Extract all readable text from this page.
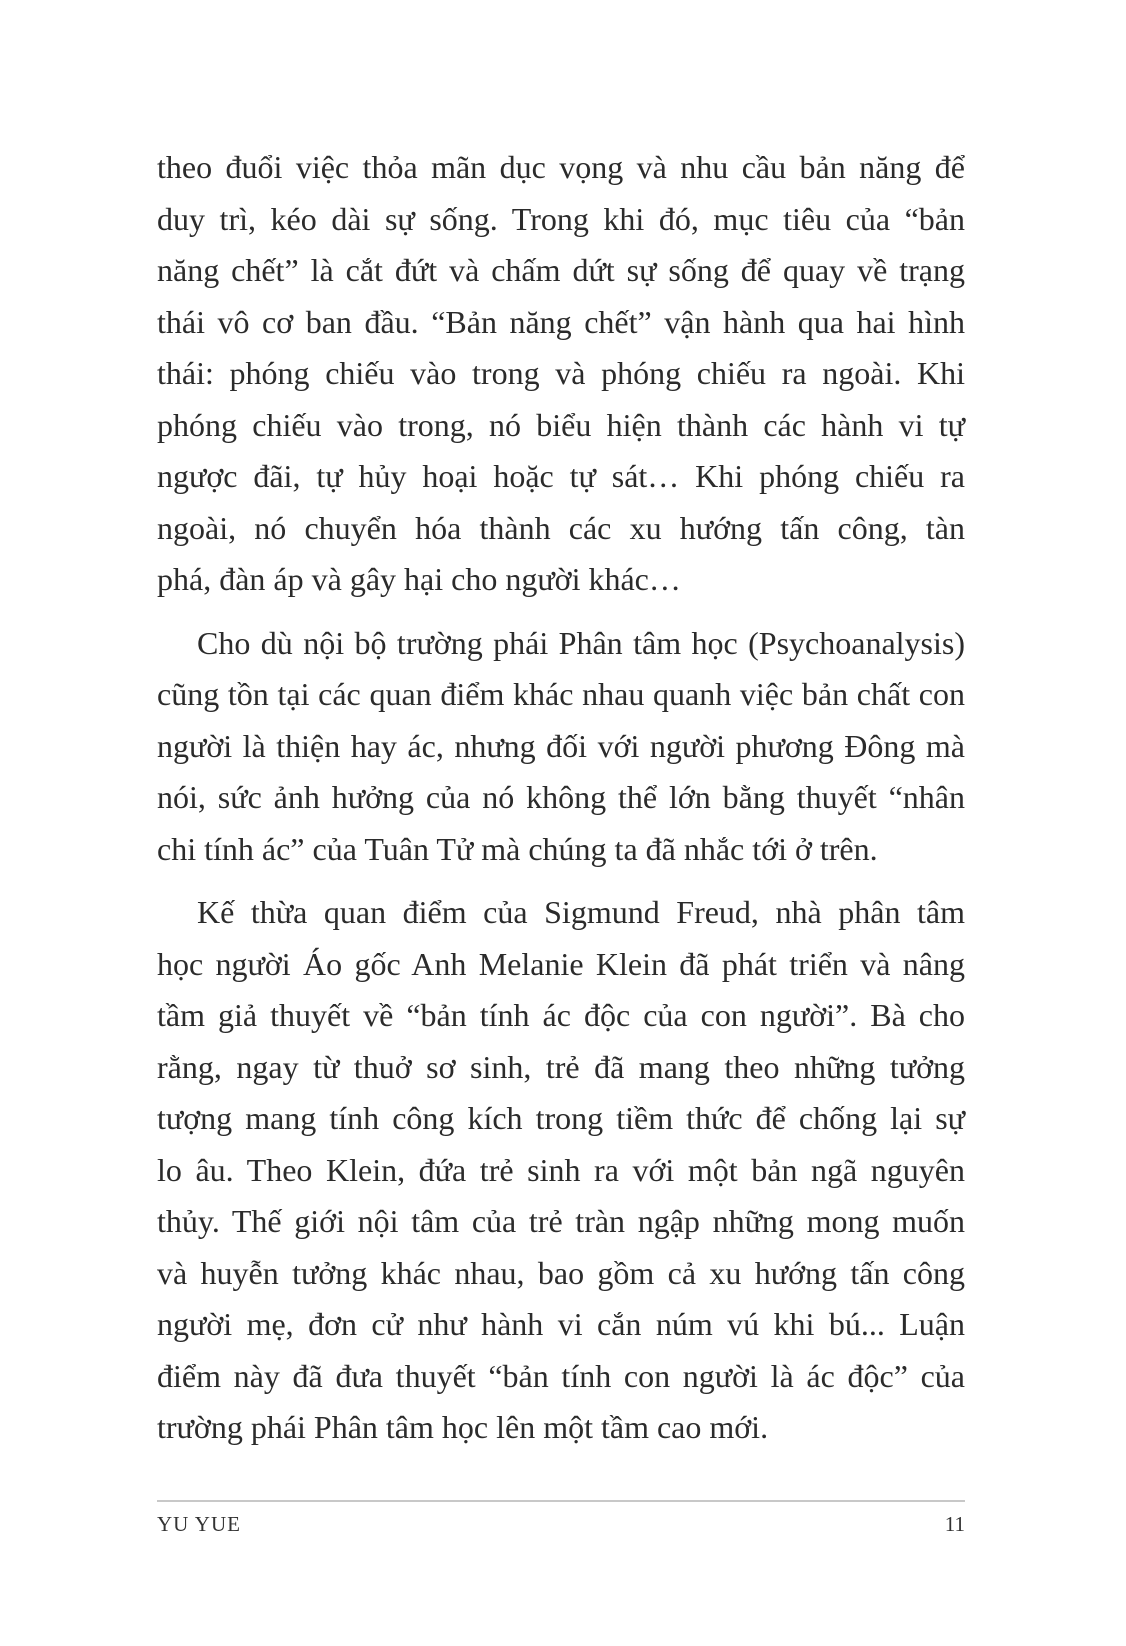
theo đuổi việc thỏa mãn dục vọng và nhu cầu bản năng để
duy trì, kéo dài sự sống. Trong khi đó, mục tiêu của “bản
năng chết” là cắt đứt và chấm dứt sự sống để quay về trạng
thái vô cơ ban đầu. “Bản năng chết” vận hành qua hai hình
thái: phóng chiếu vào trong và phóng chiếu ra ngoài. Khi
phóng chiếu vào trong, nó biểu hiện thành các hành vi tự
ngược đãi, tự hủy hoại hoặc tự sát… Khi phóng chiếu ra
ngoài, nó chuyển hóa thành các xu hướng tấn công, tàn
phá, đàn áp và gây hại cho người khác…
Cho dù nội bộ trường phái Phân tâm học (Psychoanalysis)
cũng tồn tại các quan điểm khác nhau quanh việc bản chất con
người là thiện hay ác, nhưng đối với người phương Đông mà
nói, sức ảnh hưởng của nó không thể lớn bằng thuyết “nhân
chi tính ác” của Tuân Tử mà chúng ta đã nhắc tới ở trên.
Kế thừa quan điểm của Sigmund Freud, nhà phân tâm
học người Áo gốc Anh Melanie Klein đã phát triển và nâng
tầm giả thuyết về “bản tính ác độc của con người”. Bà cho
rằng, ngay từ thuở sơ sinh, trẻ đã mang theo những tưởng
tượng mang tính công kích trong tiềm thức để chống lại sự
lo âu. Theo Klein, đứa trẻ sinh ra với một bản ngã nguyên
thủy. Thế giới nội tâm của trẻ tràn ngập những mong muốn
và huyễn tưởng khác nhau, bao gồm cả xu hướng tấn công
người mẹ, đơn cử như hành vi cắn núm vú khi bú... Luận
điểm này đã đưa thuyết “bản tính con người là ác độc” của
trường phái Phân tâm học lên một tầm cao mới.
YU YUE	11
